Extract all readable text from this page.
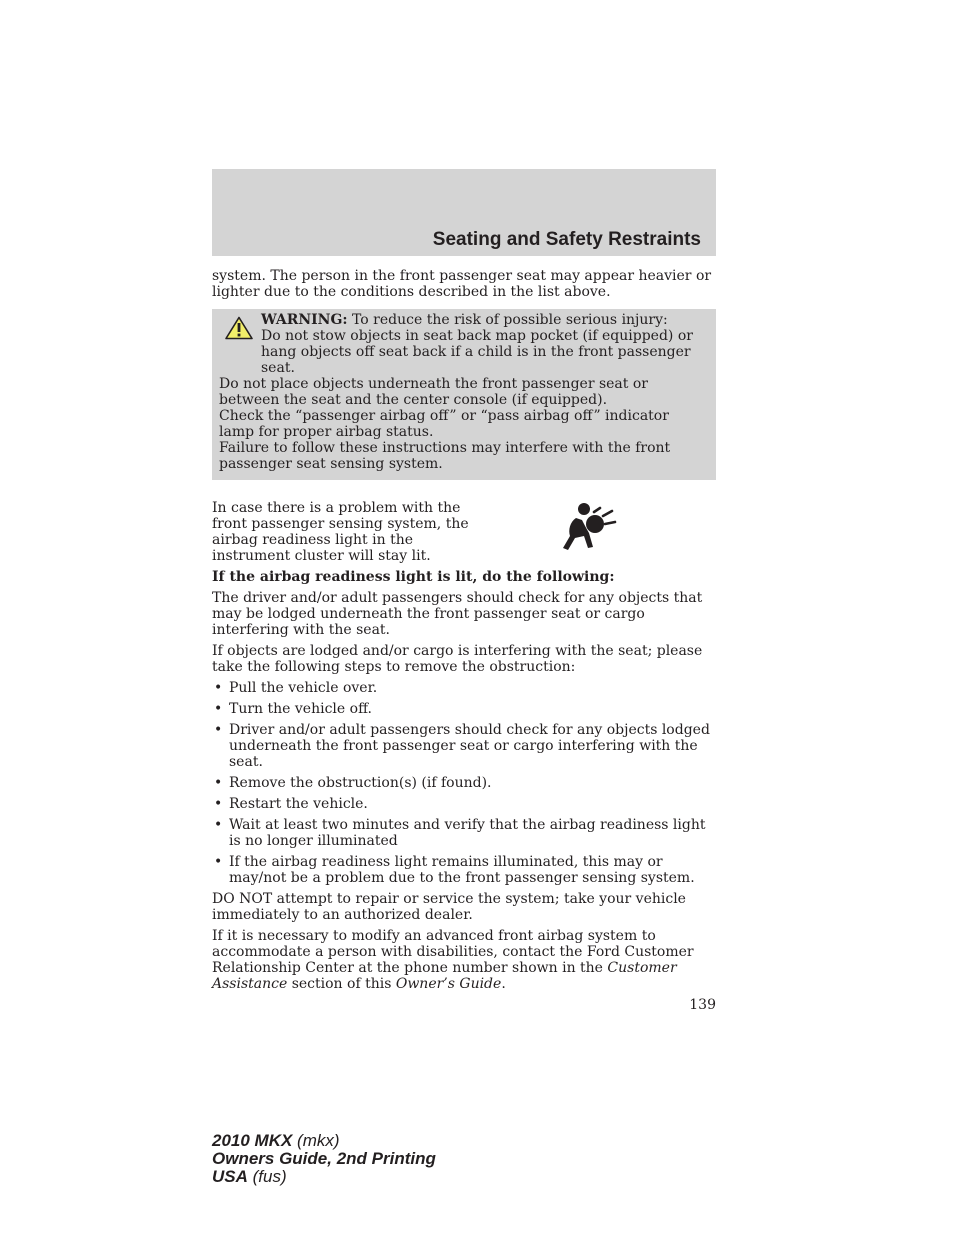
Seating and Safety Restraints

system. The person in the front passenger seat may appear heavier or lighter due to the conditions described in the list above.

WARNING: To reduce the risk of possible serious injury:
Do not stow objects in seat back map pocket (if equipped) or hang objects off seat back if a child is in the front passenger seat.

Do not place objects underneath the front passenger seat or between the seat and the center console (if equipped).

Check the “passenger airbag off” or “pass airbag off” indicator lamp for proper airbag status.

Failure to follow these instructions may interfere with the front passenger seat sensing system.

In case there is a problem with the front passenger sensing system, the airbag readiness light in the instrument cluster will stay lit.

If the airbag readiness light is lit, do the following:

The driver and/or adult passengers should check for any objects that may be lodged underneath the front passenger seat or cargo interfering with the seat.

If objects are lodged and/or cargo is interfering with the seat; please take the following steps to remove the obstruction:

• Pull the vehicle over.
• Turn the vehicle off.
• Driver and/or adult passengers should check for any objects lodged underneath the front passenger seat or cargo interfering with the seat.
• Remove the obstruction(s) (if found).
• Restart the vehicle.
• Wait at least two minutes and verify that the airbag readiness light is no longer illuminated
• If the airbag readiness light remains illuminated, this may or may/not be a problem due to the front passenger sensing system.

DO NOT attempt to repair or service the system; take your vehicle immediately to an authorized dealer.

If it is necessary to modify an advanced front airbag system to accommodate a person with disabilities, contact the Ford Customer Relationship Center at the phone number shown in the Customer Assistance section of this Owner’s Guide.

139
2010 MKX (mkx)
Owners Guide, 2nd Printing
USA (fus)
